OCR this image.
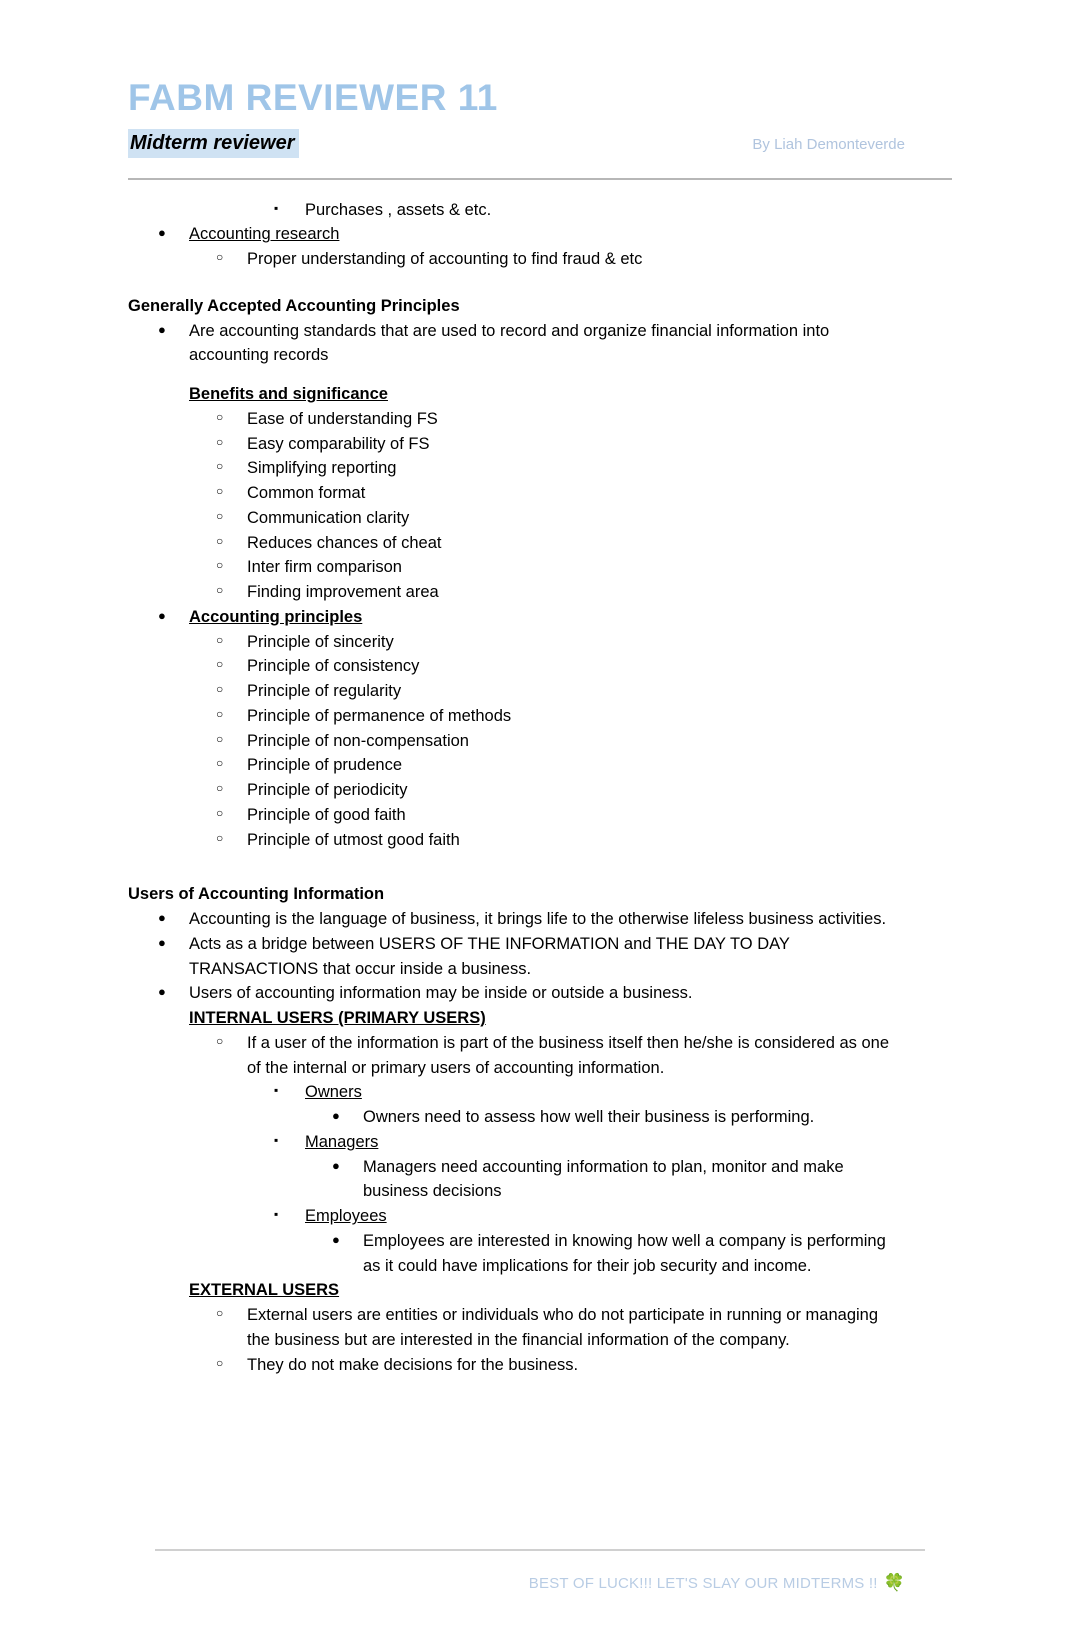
FABM REVIEWER 11
Midterm reviewer	By Liah Demonteverde
▪	Purchases , assets & etc.
●	Accounting research
○	Proper understanding of accounting to find fraud & etc
Generally Accepted Accounting Principles
●	Are accounting standards that are used to record and organize financial information into accounting records
Benefits and significance
○	Ease of understanding FS
○	Easy comparability of FS
○	Simplifying reporting
○	Common format
○	Communication clarity
○	Reduces chances of cheat
○	Inter firm comparison
○	Finding improvement area
●	Accounting principles
○	Principle of sincerity
○	Principle of consistency
○	Principle of regularity
○	Principle of permanence of methods
○	Principle of non-compensation
○	Principle of prudence
○	Principle of periodicity
○	Principle of good faith
○	Principle of utmost good faith
Users of Accounting Information
●	Accounting is the language of business, it brings life to the otherwise lifeless business activities.
●	Acts as a bridge between USERS OF THE INFORMATION and THE DAY TO DAY TRANSACTIONS that occur inside a business.
●	Users of accounting information may be inside or outside a business.
INTERNAL USERS (PRIMARY USERS)
○	If a user of the information is part of the business itself then he/she is considered as one of the internal or primary users of accounting information.
▪	Owners
●	Owners need to assess how well their business is performing.
▪	Managers
●	Managers need accounting information to plan, monitor and make business decisions
▪	Employees
●	Employees are interested in knowing how well a company is performing as it could have implications for their job security and income.
EXTERNAL USERS
○	External users are entities or individuals who do not participate in running or managing the business but are interested in the financial information of the company.
○	They do not make decisions for the business.
BEST OF LUCK!!! LET'S SLAY OUR MIDTERMS !! 🍀
